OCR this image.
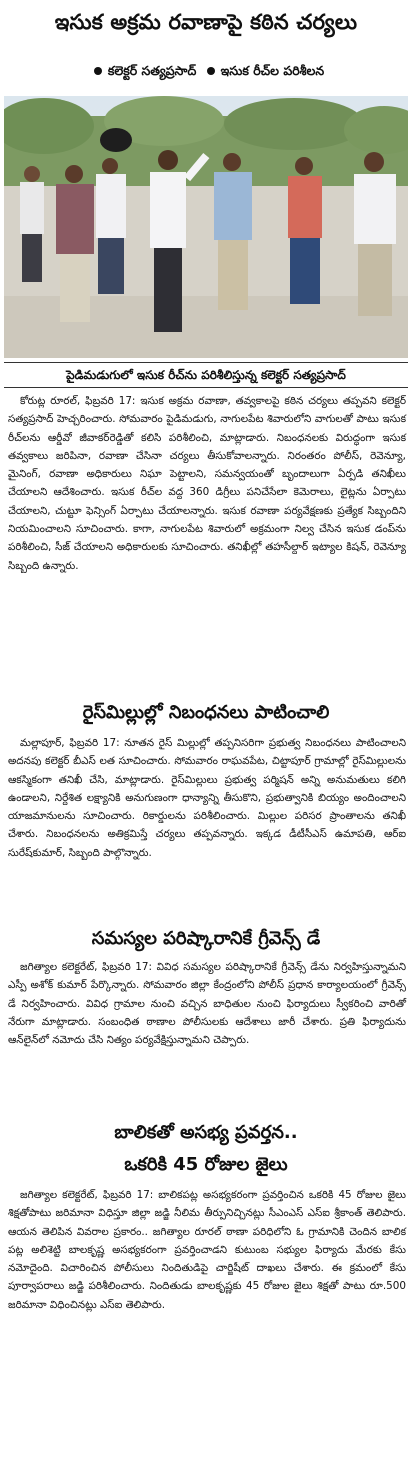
ఇసుక అక్రమ రవాణాపై కఠిన చర్యలు
కలెక్టర్ సత్యప్రసాద్ ఇసుక రీచ్‌ల పరిశీలన
పైడిమడుగులో ఇసుక రీచ్‌ను పరిశీలిస్తున్న కలెక్టర్ సత్యప్రసాద్
కోరుట్ల రూరల్, ఫిబ్రవరి 17: ఇసుక అక్రమ రవాణా, తవ్వకాలపై కఠిన చర్యలు తప్పవని కలెక్టర్ సత్యప్రసాద్ హెచ్చరించారు. సోమవారం పైడిమడుగు, నాగులపేట శివారులోని వాగులతో పాటు ఇసుక రీచ్‌లను ఆర్డీవో జీవాకర్‌రెడ్డితో కలిసి పరిశీలించి, మాట్లాడారు. నిబంధనలకు విరుద్ధంగా ఇసుక తవ్వకాలు జరిపినా, రవాణా చేసినా చర్యలు తీసుకోవాలన్నారు. నిరంతరం పోలీస్, రెవెన్యూ, మైనింగ్, రవాణా అధికారులు నిఘా పెట్టాలని, సమన్వయంతో బృందాలుగా ఏర్పడి తనిఖీలు చేయాలని ఆదేశించారు. ఇసుక రీచ్‌ల వద్ద 360 డిగ్రీలు పనిచేసేలా కెమెరాలు, లైట్లను ఏర్పాటు చేయాలని, చుట్టూ ఫెన్సింగ్ ఏర్పాటు చేయాలన్నారు. ఇసుక రవాణా పర్యవేక్షణకు ప్రత్యేక సిబ్బందిని నియమించాలని సూచించారు. కాగా, నాగులపేట శివారులో అక్రమంగా నిల్వ చేసిన ఇసుక డంప్‌ను పరిశీలించి, సీజ్ చేయాలని అధికారులకు సూచించారు. తనిఖీల్లో తహసీల్దార్ ఇట్యాల కిషన్, రెవెన్యూ సిబ్బంది ఉన్నారు.
రైస్‌మిల్లుల్లో నిబంధనలు పాటించాలి
మల్లాపూర్, ఫిబ్రవరి 17: నూతన రైస్ మిల్లుల్లో తప్పనిసరిగా ప్రభుత్వ నిబంధనలు పాటించాలని అదనపు కలెక్టర్ బీఎస్ లత సూచించారు. సోమవారం రాఘవపేట, చిట్టాపూర్ గ్రామాల్లో రైస్‌మిల్లులను ఆకస్మికంగా తనిఖీ చేసి, మాట్లాడారు. రైస్‌మిల్లులు ప్రభుత్వ పర్మిషన్ అన్ని అనుమతులు కలిగి ఉండాలని, నిర్దేశిత లక్ష్యానికి అనుగుణంగా ధాన్యాన్ని తీసుకొని, ప్రభుత్వానికి బియ్యం అందించాలని యాజమానులను సూచించారు. రికార్డులను పరిశీలించారు. మిల్లుల పరిసర ప్రాంతాలను తనిఖీ చేశారు. నిబంధనలను అతిక్రమిస్తే చర్యలు తప్పవన్నారు. ఇక్కడ డీటీసీఎస్ ఉమాపతి, ఆర్ఐ సురేష్‌కుమార్, సిబ్బంది పాల్గొన్నారు.
సమస్యల పరిష్కారానికే గ్రీవెన్స్ డే
జగిత్యాల కలెక్టరేట్, ఫిబ్రవరి 17: వివిధ సమస్యల పరిష్కారానికే గ్రీవెన్స్ డేను నిర్వహిస్తున్నామని ఎస్పీ అశోక్ కుమార్ పేర్కొన్నారు. సోమవారం జిల్లా కేంద్రంలోని పోలీస్ ప్రధాన కార్యాలయంలో గ్రీవెన్స్ డే నిర్వహించారు. వివిధ గ్రామాల నుంచి వచ్చిన బాధితుల నుంచి ఫిర్యాదులు స్వీకరించి వారితో నేరుగా మాట్లాడారు. సంబంధిత ఠాణాల పోలీసులకు ఆదేశాలు జారీ చేశారు. ప్రతి ఫిర్యాదును ఆన్‌లైన్‌లో నమోదు చేసి నిత్యం పర్యవేక్షిస్తున్నామని చెప్పారు.
బాలికతో అసభ్య ప్రవర్తన..
ఒకరికి 45 రోజుల జైలు
జగిత్యాల కలెక్టరేట్, ఫిబ్రవరి 17: బాలికపట్ల అసభ్యకరంగా ప్రవర్తించిన ఒకరికి 45 రోజుల జైలు శిక్షతోపాటు జరిమానా విధిస్తూ జిల్లా జడ్జి నీలిమ తీర్పునిచ్చినట్లు సీఎంఎస్ ఎస్ఐ శ్రీకాంత్ తెలిపారు. ఆయన తెలిపిన వివరాల ప్రకారం.. జగిత్యాల రూరల్ ఠాణా పరిధిలోని ఓ గ్రామానికి చెందిన బాలిక పట్ల అలిశెట్టి బాలకృష్ణ అసభ్యకరంగా ప్రవర్తించాడని కుటుంబ సభ్యుల ఫిర్యాదు మేరకు కేసు నమోదైంది. విచారించిన పోలీసులు నిందితుడిపై చార్జిషీట్ దాఖలు చేశారు. ఈ క్రమంలో కేసు పూర్వాపరాలు జడ్జి పరిశీలించారు. నిందితుడు బాలకృష్ణకు 45 రోజుల జైలు శిక్షతో పాటు రూ.500 జరిమానా విధించినట్లు ఎస్ఐ తెలిపారు.
